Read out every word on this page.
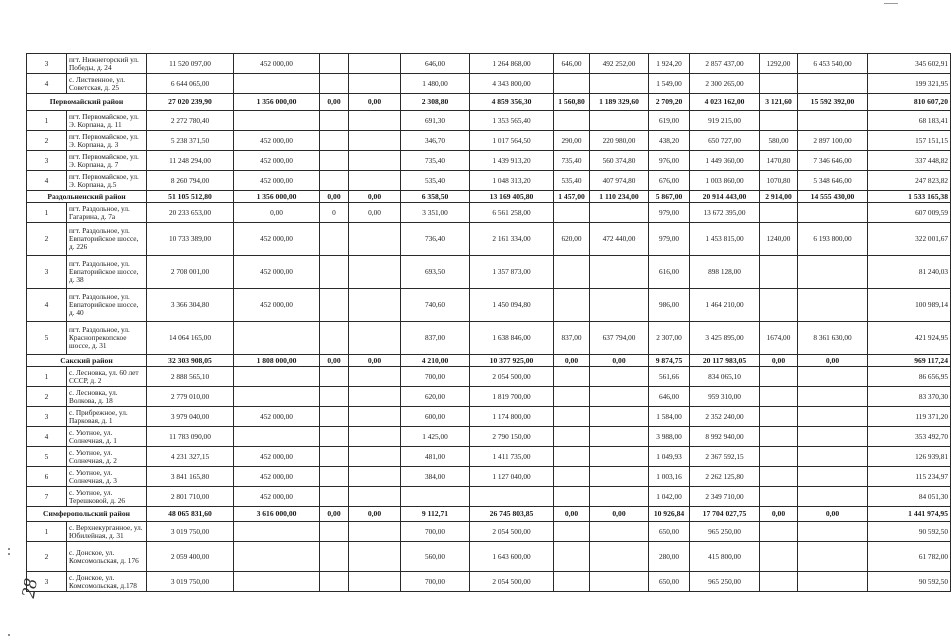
28
3	пгт. Нижнегорский ул. Победы, д. 24	11 520 097,00	452 000,00			646,00	1 264 868,00	646,00	492 252,00	1 924,20	2 857 437,00	1292,00	6 453 540,00	345 602,91
4	с. Лиственное, ул. Советская, д. 25	6 644 065,00				1 480,00	4 343 800,00			1 549,00	2 300 265,00			199 321,95
Первомайский район		27 020 239,90	1 356 000,00	0,00	0,00	2 308,80	4 859 356,30	1 560,80	1 189 329,60	2 709,20	4 023 162,00	3 121,60	15 592 392,00	810 607,20
1	пгт. Первомайское, ул. Э. Корпана, д. 11	2 272 780,40				691,30	1 353 565,40			619,00	919 215,00			68 183,41
2	пгт. Первомайское, ул. Э. Корпана, д. 3	5 238 371,50	452 000,00			346,70	1 017 564,50	290,00	220 980,00	438,20	650 727,00	580,00	2 897 100,00	157 151,15
3	пгт. Первомайское, ул. Э. Корпана, д. 7	11 248 294,00	452 000,00			735,40	1 439 913,20	735,40	560 374,80	976,00	1 449 360,00	1470,80	7 346 646,00	337 448,82
4	пгт. Первомайское, ул. Э. Корпана, д.5	8 260 794,00	452 000,00			535,40	1 048 313,20	535,40	407 974,80	676,00	1 003 860,00	1070,80	5 348 646,00	247 823,82
Раздольненский район		51 105 512,80	1 356 000,00	0,00	0,00	6 358,50	13 169 405,80	1 457,00	1 110 234,00	5 867,00	20 914 443,00	2 914,00	14 555 430,00	1 533 165,38
1	пгт. Раздольное, ул. Гагарина, д. 7а	20 233 653,00	0,00	0	0,00	3 351,00	6 561 258,00			979,00	13 672 395,00			607 009,59
2	пгт. Раздольное, ул. Евпаторийское шоссе, д. 226	10 733 389,00	452 000,00			736,40	2 161 334,00	620,00	472 440,00	979,00	1 453 815,00	1240,00	6 193 800,00	322 001,67
3	пгт. Раздольное, ул. Евпаторийское шоссе, д. 38	2 708 001,00	452 000,00			693,50	1 357 873,00			616,00	898 128,00			81 240,03
4	пгт. Раздольное, ул. Евпаторийское шоссе, д. 40	3 366 304,80	452 000,00			740,60	1 450 094,80			986,00	1 464 210,00			100 989,14
5	пгт. Раздольное, ул. Краснопрекопское шоссе, д. 31	14 064 165,00				837,00	1 638 846,00	837,00	637 794,00	2 307,00	3 425 895,00	1674,00	8 361 630,00	421 924,95
Сакский район		32 303 908,05	1 808 000,00	0,00	0,00	4 210,00	10 377 925,00	0,00	0,00	9 874,75	20 117 983,05	0,00	0,00	969 117,24
1	с. Лесновка, ул. 60 лет СССР, д. 2	2 888 565,10				700,00	2 054 500,00			561,66	834 065,10			86 656,95
2	с. Лесновка, ул. Волкова, д. 18	2 779 010,00				620,00	1 819 700,00			646,00	959 310,00			83 370,30
3	с. Прибрежное, ул. Парковая, д. 1	3 979 040,00	452 000,00			600,00	1 174 800,00			1 584,00	2 352 240,00			119 371,20
4	с. Уютное, ул. Солнечная, д. 1	11 783 090,00				1 425,00	2 790 150,00			3 988,00	8 992 940,00			353 492,70
5	с. Уютное, ул. Солнечная, д. 2	4 231 327,15	452 000,00			481,00	1 411 735,00			1 049,93	2 367 592,15			126 939,81
6	с. Уютное, ул. Солнечная, д. 3	3 841 165,80	452 000,00			384,00	1 127 040,00			1 003,16	2 262 125,80			115 234,97
7	с. Уютное, ул. Терешковой, д. 26	2 801 710,00	452 000,00							1 042,00	2 349 710,00			84 051,30
Симферопольский район		48 065 831,60	3 616 000,00	0,00	0,00	9 112,71	26 745 803,85	0,00	0,00	10 926,84	17 704 027,75	0,00	0,00	1 441 974,95
1	с. Верхнекурганное, ул. Юбилейная, д. 31	3 019 750,00				700,00	2 054 500,00			650,00	965 250,00			90 592,50
2	с. Донское, ул. Комсомольская, д. 176	2 059 400,00				560,00	1 643 600,00			280,00	415 800,00			61 782,00
3	с. Донское, ул. Комсомольская, д.178	3 019 750,00				700,00	2 054 500,00			650,00	965 250,00			90 592,50
